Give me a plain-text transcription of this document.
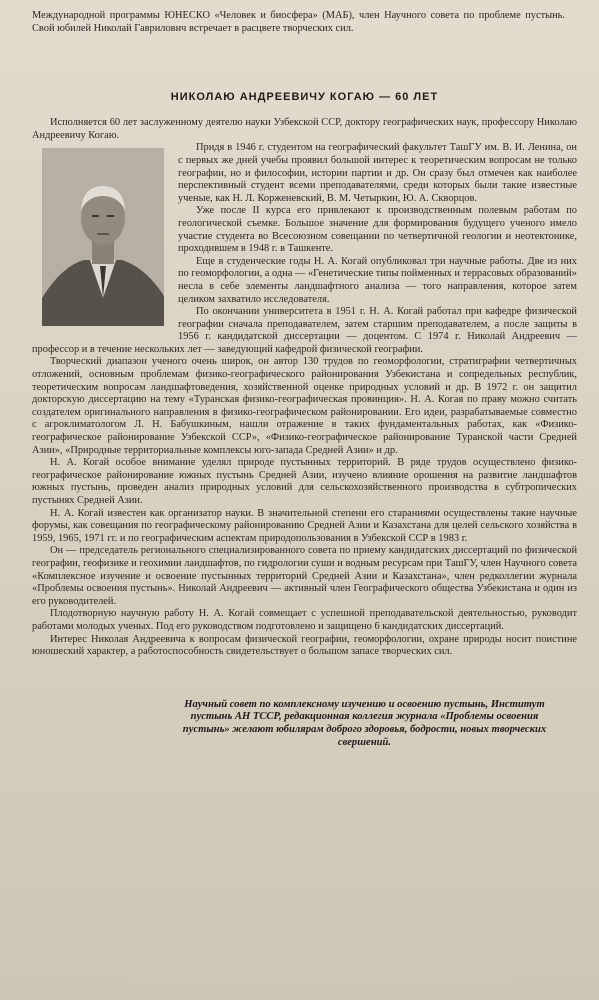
Международной программы ЮНЕСКО «Человек и биосфера» (МАБ), член Научного совета по проблеме пустынь. Свой юбилей Николай Гаврилович встречает в расцвете творческих сил.

НИКОЛАЮ АНДРЕЕВИЧУ КОГАЮ — 60 ЛЕТ

Исполняется 60 лет заслуженному деятелю науки Узбекской ССР, доктору географических наук, профессору Николаю Андреевичу Когаю.

Придя в 1946 г. студентом на географический факультет ТашГУ им. В. И. Ленина, он с первых же дней учебы проявил большой интерес к теоретическим вопросам не только географии, но и философии, истории партии и др. Он сразу был отмечен как наиболее перспективный студент всеми преподавателями, среди которых были такие известные ученые, как Н. Л. Корженевский, В. М. Четыркин, Ю. А. Скворцов.

Уже после II курса его привлекают к производственным полевым работам по геологической съемке. Большое значение для формирования будущего ученого имело участие студента во Всесоюзном совещании по четвертичной геологии и неотектонике, проходившем в 1948 г. в Ташкенте.

Еще в студенческие годы Н. А. Когай опубликовал три научные работы. Две из них по геоморфологии, а одна — «Генетические типы пойменных и террасовых образований» несла в себе элементы ландшафтного анализа — того направления, которое затем целиком захватило исследователя.

По окончании университета в 1951 г. Н. А. Когай работал при кафедре физической географии сначала преподавателем, затем старшим преподавателем, а после защиты в 1956 г. кандидатской диссертации — доцентом. С 1974 г. Николай Андреевич — профессор и в течение нескольких лет — заведующий кафедрой физической географии.

Творческий диапазон ученого очень широк, он автор 130 трудов по геоморфологии, стратиграфии четвертичных отложений, основным проблемам физико-географического районирования Узбекистана и сопредельных республик, теоретическим вопросам ландшафтоведения, хозяйственной оценке природных условий и др. В 1972 г. он защитил докторскую диссертацию на тему «Туранская физико-географическая провинция». Н. А. Когая по праву можно считать создателем оригинального направления в физико-географическом районировании. Его идеи, разрабатываемые совместно с агроклиматологом Л. Н. Бабушкиным, нашли отражение в таких фундаментальных работах, как «Физико-географическое районирование Узбекской ССР», «Физико-географическое районирование Туранской части Средней Азии», «Природные территориальные комплексы юго-запада Средней Азии» и др.

Н. А. Когай особое внимание уделял природе пустынных территорий. В ряде трудов осуществлено физико-географическое районирование южных пустынь Средней Азии, изучено влияние орошения на развитие ландшафтов южных пустынь, проведен анализ природных условий для сельскохозяйственного производства в субтропических пустынях Средней Азии.

Н. А. Когай известен как организатор науки. В значительной степени его стараниями осуществлены такие научные форумы, как совещания по географическому районированию Средней Азии и Казахстана для целей сельского хозяйства в 1959, 1965, 1971 гг. и по географическим аспектам природопользования в Узбекской ССР в 1983 г.

Он — председатель регионального специализированного совета по приему кандидатских диссертаций по физической географии, геофизике и геохимии ландшафтов, по гидрологии суши и водным ресурсам при ТашГУ, член Научного совета «Комплексное изучение и освоение пустынных территорий Средней Азии и Казахстана», член редколлегии журнала «Проблемы освоения пустынь». Николай Андреевич — активный член Географического общества Узбекистана и один из его руководителей.

Плодотворную научную работу Н. А. Когай совмещает с успешной преподавательской деятельностью, руководит работами молодых ученых. Под его руководством подготовлено и защищено 6 кандидатских диссертаций.

Интерес Николая Андреевича к вопросам физической географии, геоморфологии, охране природы носит поистине юношеский характер, а работоспособность свидетельствует о большом запасе творческих сил.

Научный совет по комплексному изучению и освоению пустынь, Институт пустынь АН ТССР, редакционная коллегия журнала «Проблемы освоения пустынь» желают юбилярам доброго здоровья, бодрости, новых творческих свершений.
